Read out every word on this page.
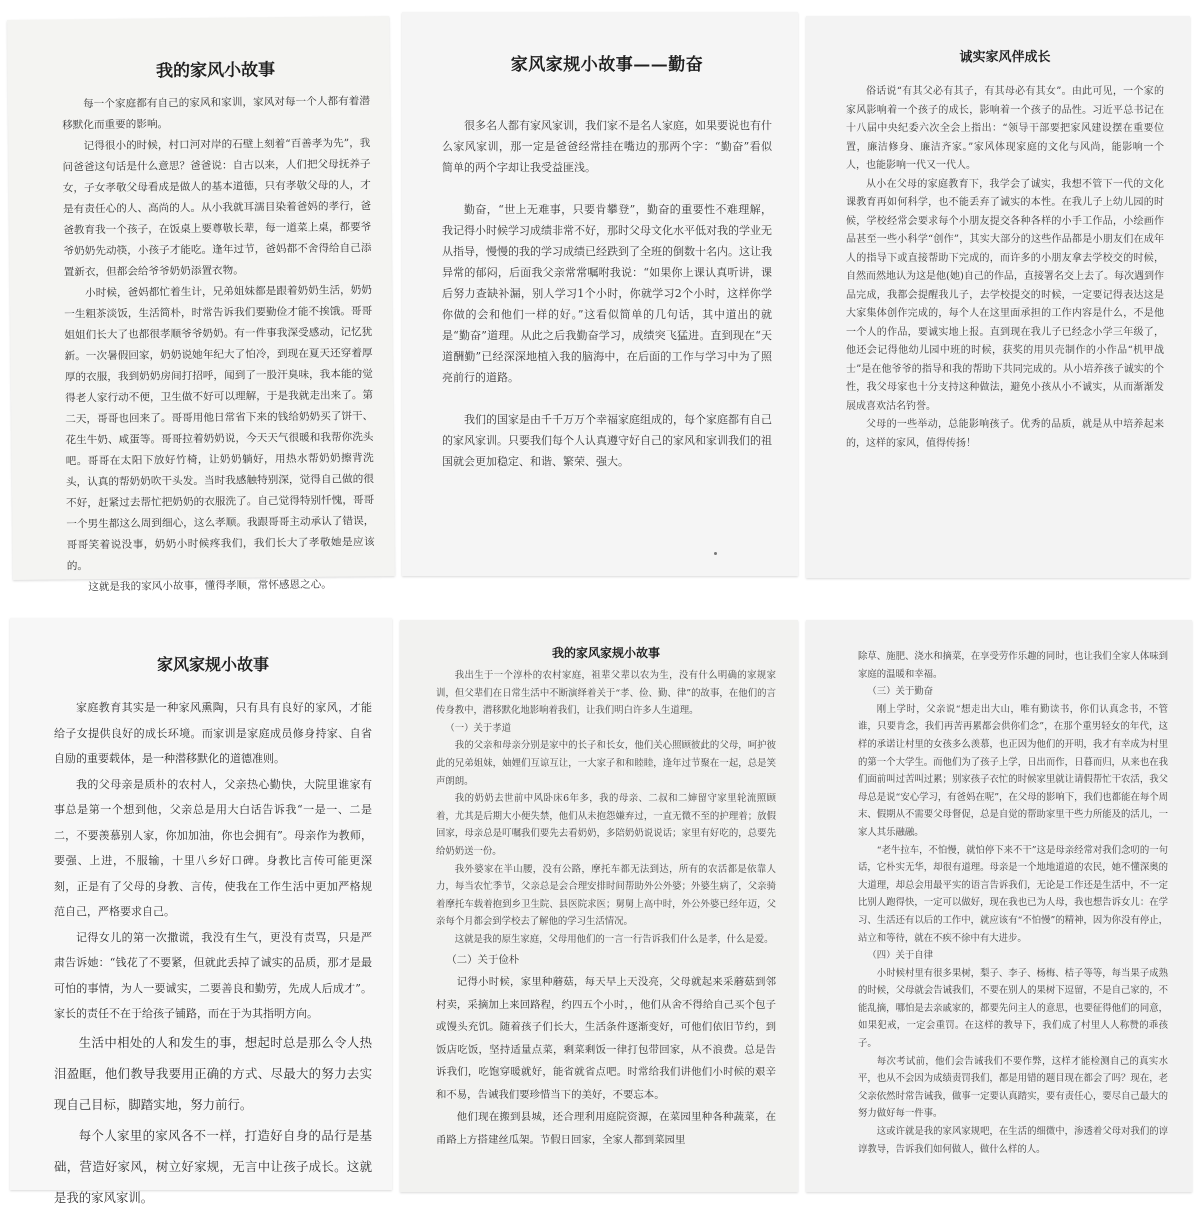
我的家风小故事

每一个家庭都有自己的家风和家训，家风对每一个人都有着潜移默化而重要的影响。

记得很小的时候，村口河对岸的石壁上刻着“百善孝为先”，我问爸爸这句话是什么意思？爸爸说：自古以来，人们把父母抚养子女，子女孝敬父母看成是做人的基本道德，只有孝敬父母的人，才是有责任心的人、高尚的人。从小我就耳濡目染着爸妈的孝行，爸爸教育我一个孩子，在饭桌上要尊敬长辈，每一道菜上桌，都要爷爷奶奶先动筷，小孩子才能吃。逢年过节，爸妈都不舍得给自己添置新衣，但都会给爷爷奶奶添置衣物。

小时候，爸妈都忙着生计，兄弟姐妹都是跟着奶奶生活，奶奶一生粗茶淡饭，生活简朴，时常告诉我们要勤俭才能不挨饿。哥哥姐姐们长大了也都很孝顺爷爷奶奶。有一件事我深受感动，记忆犹新。一次暑假回家，奶奶说她年纪大了怕冷，到现在夏天还穿着厚厚的衣服，我到奶奶房间打招呼，闻到了一股汗臭味，我本能的觉得老人家行动不便，卫生做不好可以理解，于是我就走出来了。第二天，哥哥也回来了。哥哥用他日常省下来的钱给奶奶买了饼干、花生牛奶、咸蛋等。哥哥拉着奶奶说，今天天气很暖和我帮你洗头吧。哥哥在太阳下放好竹椅，让奶奶躺好，用热水帮奶奶擦背洗头，认真的帮奶奶吹干头发。当时我感触特别深，觉得自己做的很不好，赶紧过去帮忙把奶奶的衣服洗了。自己觉得特别忏愧，哥哥一个男生都这么周到细心，这么孝顺。我跟哥哥主动承认了错误，哥哥笑着说没事，奶奶小时候疼我们，我们长大了孝敬她是应该的。

这就是我的家风小故事，懂得孝顺，常怀感恩之心。

家风家规小故事——勤奋

很多名人都有家风家训，我们家不是名人家庭，如果要说也有什么家风家训，那一定是爸爸经常挂在嘴边的那两个字：“勤奋”看似简单的两个字却让我受益匪浅。

勤奋，“世上无难事，只要肯攀登”，勤奋的重要性不难理解，我记得小时候学习成绩非常不好，那时父母文化水平低对我的学业无从指导，慢慢的我的学习成绩已经跌到了全班的倒数十名内。这让我异常的郁闷，后面我父亲常常嘱咐我说：“如果你上课认真听讲，课后努力查缺补漏，别人学习1个小时，你就学习2个小时，这样你学你做的会和他们一样的好。”这看似简单的几句话，其中道出的就是“勤奋”道理。从此之后我勤奋学习，成绩突飞猛进。直到现在“天道酬勤”已经深深地植入我的脑海中，在后面的工作与学习中为了照亮前行的道路。

我们的国家是由千千万万个幸福家庭组成的，每个家庭都有自己的家风家训。只要我们每个人认真遵守好自己的家风和家训我们的祖国就会更加稳定、和谐、繁荣、强大。

诚实家风伴成长

俗话说“有其父必有其子，有其母必有其女”。由此可见，一个家的家风影响着一个孩子的成长，影响着一个孩子的品性。习近平总书记在十八届中央纪委六次全会上指出：“领导干部要把家风建设摆在重要位置，廉洁修身、廉洁齐家。”家风体现家庭的文化与风尚，能影响一个人，也能影响一代又一代人。

从小在父母的家庭教育下，我学会了诚实，我想不管下一代的文化课教育再如何科学，也不能丢弃了诚实的本性。在我儿子上幼儿园的时候，学校经常会要求每个小朋友提交各种各样的小手工作品，小绘画作品甚至一些小科学“创作”，其实大部分的这些作品都是小朋友们在成年人的指导下或直接帮助下完成的，而许多的小朋友拿去学校交的时候，自然而然地认为这是他(她)自己的作品，直接署名交上去了。每次遇到作品完成，我都会提醒我儿子，去学校提交的时候，一定要记得表达这是大家集体创作完成的，每个人在这里面承担的工作内容是什么，不是他一个人的作品，要诚实地上报。直到现在我儿子已经念小学三年级了，他还会记得他幼儿园中班的时候，获奖的用贝壳制作的小作品“机甲战士”是在他爷爷的指导和我的帮助下共同完成的。从小培养孩子诚实的个性，我父母家也十分支持这种做法，避免小孩从小不诚实，从而渐渐发展成喜欢沽名钓誉。

父母的一些举动，总能影响孩子。优秀的品质，就是从中培养起来的，这样的家风，值得传扬！

家风家规小故事

家庭教育其实是一种家风熏陶，只有具有良好的家风，才能给子女提供良好的成长环境。而家训是家庭成员修身持家、自省自励的重要载体，是一种潜移默化的道德准则。

我的父母亲是质朴的农村人，父亲热心勤快，大院里谁家有事总是第一个想到他，父亲总是用大白话告诉我“一是一、二是二，不要羡慕别人家，你加加油，你也会拥有”。母亲作为教师，要强、上进，不服输，十里八乡好口碑。身教比言传可能更深刻，正是有了父母的身教、言传，使我在工作生活中更加严格规范自己，严格要求自己。

记得女儿的第一次撒谎，我没有生气，更没有责骂，只是严肃告诉她：“钱花了不要紧，但就此丢掉了诚实的品质，那才是最可怕的事情，为人一要诚实，二要善良和勤劳，先成人后成才”。家长的责任不在于给孩子铺路，而在于为其指明方向。

生活中相处的人和发生的事，想起时总是那么令人热泪盈眶，他们教导我要用正确的方式、尽最大的努力去实现自己目标，脚踏实地，努力前行。

每个人家里的家风各不一样，打造好自身的品行是基础，营造好家风，树立好家规，无言中让孩子成长。这就是我的家风家训。

我的家风家规小故事

我出生于一个淳朴的农村家庭，祖辈父辈以农为生，没有什么明确的家规家训，但父辈们在日常生活中不断演绎着关于“孝、俭、勤、律”的故事，在他们的言传身教中，潜移默化地影响着我们，让我们明白许多人生道理。

（一）关于孝道

我的父亲和母亲分别是家中的长子和长女，他们关心照顾彼此的父母，呵护彼此的兄弟姐妹，妯娌们互谅互让，一大家子和和睦睦，逢年过节聚在一起，总是笑声朗朗。

我的奶奶去世前中风卧床6年多，我的母亲、二叔和二婶留守家里轮流照顾着，尤其是后期大小便失禁，他们从未抱怨嫌弃过，一直无微不至的护理着；放假回家，母亲总是叮嘱我们要先去看奶奶，多陪奶奶说说话；家里有好吃的，总要先给奶奶送一份。

我外婆家在半山腰，没有公路，摩托车都无法到达，所有的农活都是依靠人力，每当农忙季节，父亲总是会合理安排时间帮助外公外婆；外婆生病了，父亲骑着摩托车载着抱到乡卫生院、县医院求医；舅舅上高中时，外公外婆已经年迈，父亲每个月都会到学校去了解他的学习生活情况。

这就是我的原生家庭，父母用他们的一言一行告诉我们什么是孝，什么是爱。

（二）关于俭朴

记得小时候，家里种蘑菇，每天早上天没亮，父母就起来采蘑菇到邻村卖，采摘加上来回路程，约四五个小时，，他们从舍不得给自己买个包子或馒头充饥。随着孩子们长大，生活条件逐渐变好，可他们依旧节约，到饭店吃饭，坚持适量点菜，剩菜剩饭一律打包带回家，从不浪费。总是告诉我们，吃饱穿暖就好，能省就省点吧。时常给我们讲他们小时候的艰辛和不易，告诫我们要珍惜当下的美好，不要忘本。

他们现在搬到县城，还合理利用庭院资源，在菜园里种各种蔬菜，在甬路上方搭建丝瓜架。节假日回家，全家人都到菜园里

除草、施肥、浇水和摘菜，在享受劳作乐趣的同时，也让我们全家人体味到家庭的温暖和幸福。

（三）关于勤奋

刚上学时，父亲说“想走出大山，唯有勤读书，你们认真念书，不管谁，只要肯念，我们再苦再累都会供你们念”，在那个重男轻女的年代，这样的承诺让村里的女孩多么羡慕，也正因为他们的开明，我才有幸成为村里的第一个大学生。而他们为了孩子上学，日出而作，日暮而归，从来也在我们面前叫过苦叫过累；别家孩子衣忙的时候家里就让请假帮忙干农活，我父母总是说“安心学习，有爸妈在呢”，在父母的影响下，我们也都能在每个周末、假期从不需要父母督促，总是自觉的帮助家里干些力所能及的活儿，一家人其乐融融。

“老牛拉车，不怕慢，就怕停下来不干”这是母亲经常对我们念叨的一句话，它朴实无华，却很有道理。母亲是一个地地道道的农民，她不懂深奥的大道理，却总会用最平实的语言告诉我们，无论是工作还是生活中，不一定比别人跑得快，一定可以做好，现在我也已为人母，我也想告诉女儿：在学习、生活还有以后的工作中，就应该有“不怕慢”的精神，因为你没有停止，站立和等待，就在不疾不徐中有大进步。

（四）关于自律

小时候村里有很多果树，梨子、李子、杨梅、桔子等等，每当果子成熟的时候，父母就会告诫我们，不要在别人的果树下逗留，不是自己家的，不能乱摘，哪怕是去亲戚家的，都要先问主人的意思，也要征得他们的同意，如果犯戒，一定会重罚。在这样的教导下，我们成了村里人人称赞的乖孩子。

每次考试前，他们会告诫我们不要作弊，这样才能检测自己的真实水平，也从不会因为成绩责罚我们，都是用错的题目现在都会了吗？现在，老父亲依然时常告诫我，做事一定要认真踏实，要有责任心，要尽自己最大的努力做好每一件事。

这或许就是我的家风家规吧，在生活的细微中，渗透着父母对我们的谆谆教导，告诉我们如何做人，做什么样的人。
